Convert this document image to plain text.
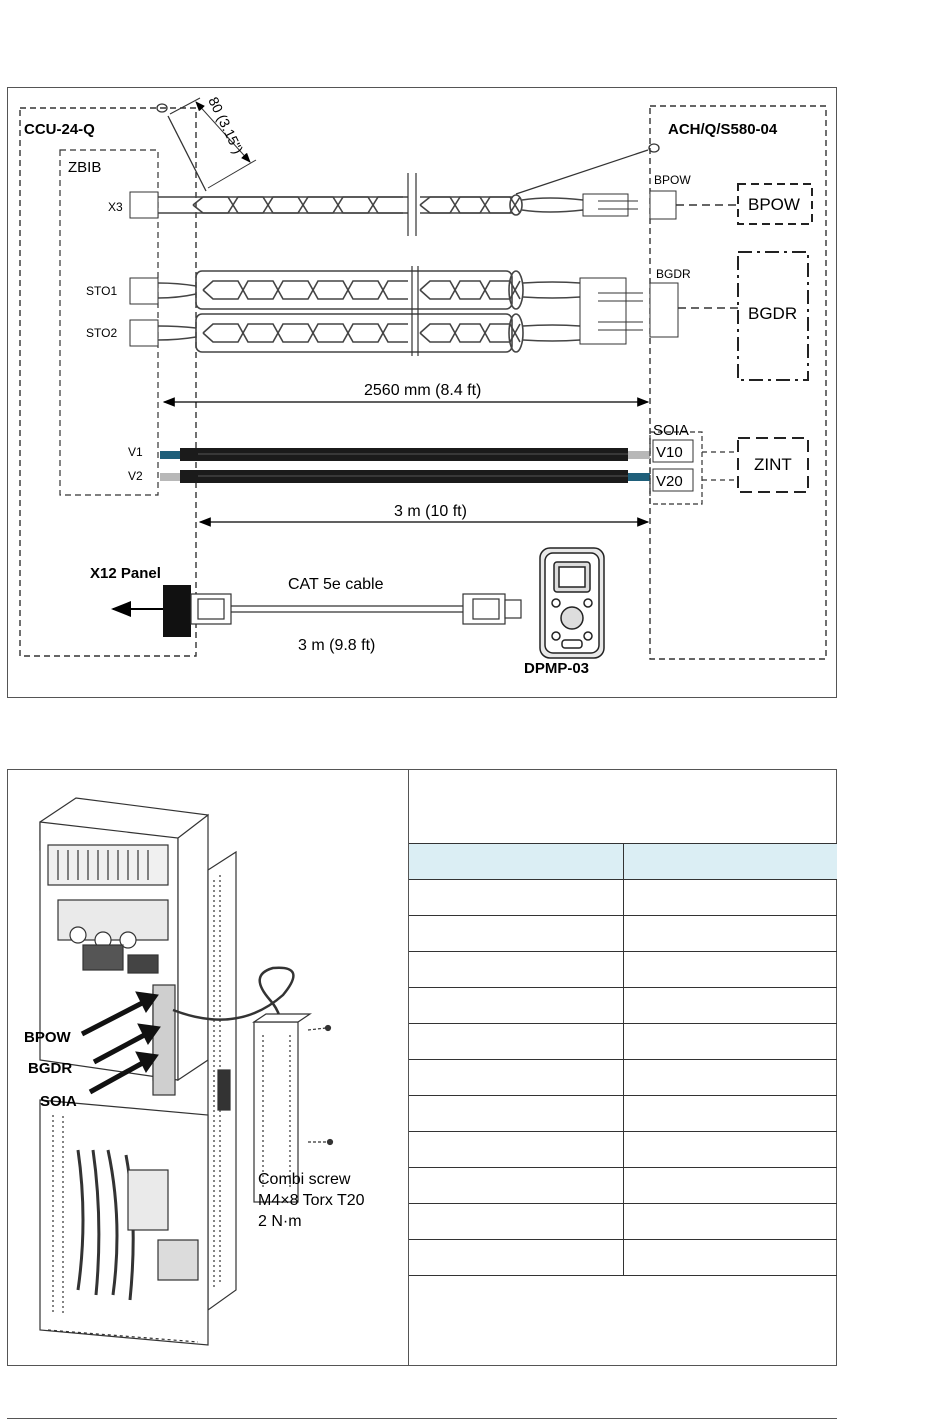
CCU-24-Q
ZBIB
ACH/Q/S580-04
X3
BPOW
BPOW
80 (3.15")
STO1
STO2
BGDR
BGDR
2560 mm (8.4 ft)
V1
V2
SOIA
V10
V20
ZINT
3 m (10 ft)
X12 Panel
CAT 5e cable
3 m (9.8 ft)
DPMP-03
BPOW
BGDR
SOIA
Combi screw
M4×8 Torx T20
2 N·m
